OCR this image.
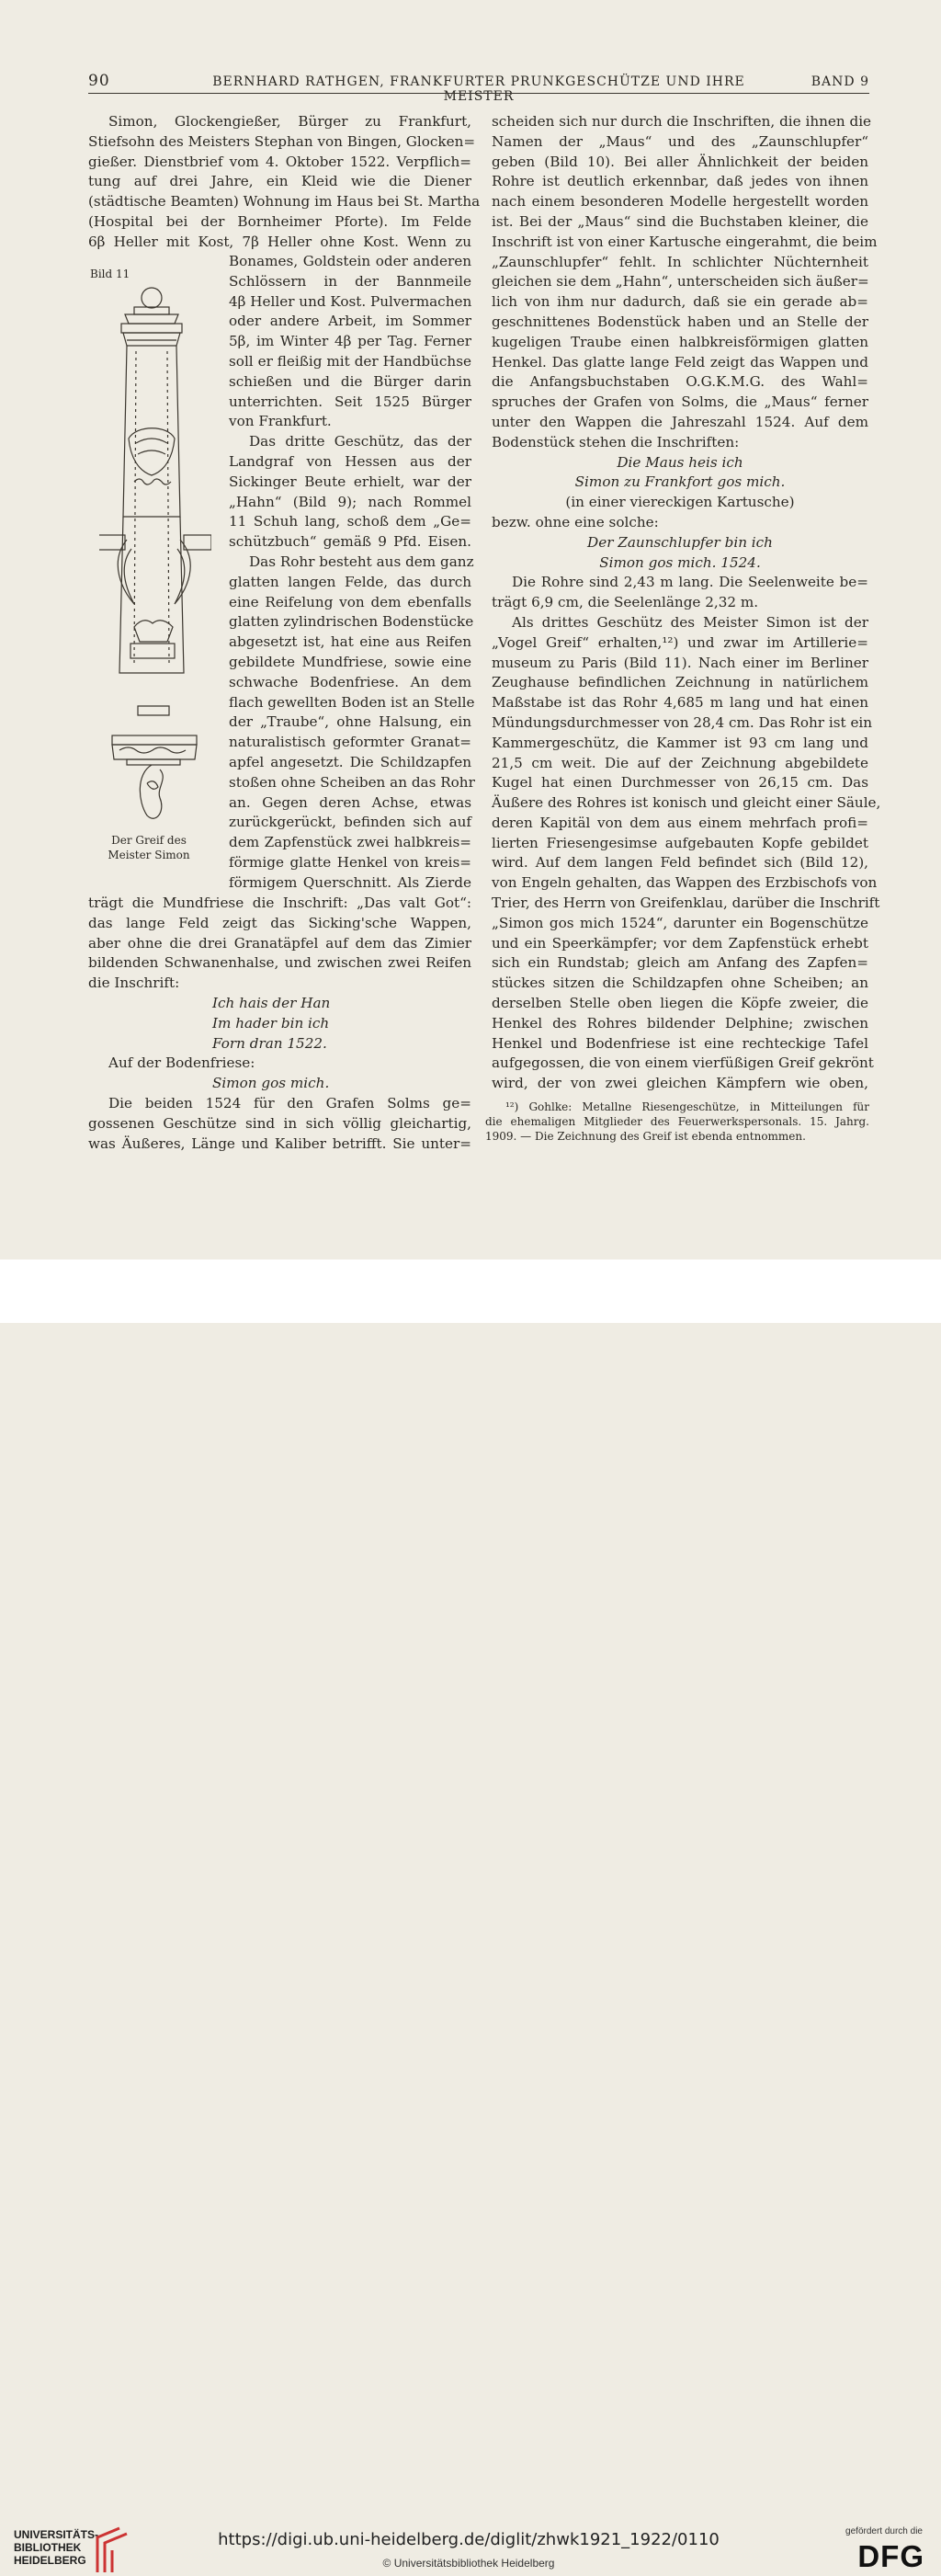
90	BERNHARD RATHGEN, FRANKFURTER PRUNKGESCHÜTZE UND IHRE MEISTER
BAND 9
Simon, Glockengießer, Bürger zu Frankfurt,
Stiefsohn des Meisters Stephan von Bingen, Glocken=
gießer. Dienstbrief vom 4. Oktober 1522. Verpflich=
tung auf drei Jahre, ein Kleid wie die Diener
(städtische Beamten) Wohnung im Haus bei St. Martha
(Hospital bei der Bornheimer Pforte). Im Felde
6β Heller mit Kost, 7β Heller ohne Kost. Wenn zu
Bild 11
Der Greif des
Meister Simon
Bonames, Goldstein oder anderen
Schlössern in der Bannmeile
4β Heller und Kost. Pulvermachen
oder andere Arbeit, im Sommer
5β, im Winter 4β per Tag. Ferner
soll er fleißig mit der Handbüchse
schießen und die Bürger darin
unterrichten. Seit 1525 Bürger
von Frankfurt.
Das dritte Geschütz, das der
Landgraf von Hessen aus der
Sickinger Beute erhielt, war der
„Hahn“ (Bild 9); nach Rommel
11 Schuh lang, schoß dem „Ge=
schützbuch“ gemäß 9 Pfd. Eisen.
Das Rohr besteht aus dem ganz
glatten langen Felde, das durch
eine Reifelung von dem ebenfalls
glatten zylindrischen Bodenstücke
abgesetzt ist, hat eine aus Reifen
gebildete Mundfriese, sowie eine
schwache Bodenfriese. An dem
flach gewellten Boden ist an Stelle
der „Traube“, ohne Halsung, ein
naturalistisch geformter Granat=
apfel angesetzt. Die Schildzapfen
stoßen ohne Scheiben an das Rohr
an. Gegen deren Achse, etwas
zurückgerückt, befinden sich auf
dem Zapfenstück zwei halbkreis=
förmige glatte Henkel von kreis=
förmigem Querschnitt. Als Zierde
trägt die Mundfriese die Inschrift: „Das valt Got“:
das lange Feld zeigt das Sicking'sche Wappen,
aber ohne die drei Granatäpfel auf dem das Zimier
bildenden Schwanenhalse, und zwischen zwei Reifen
die Inschrift:
Ich hais der Han
Im hader bin ich
Forn dran 1522.
Auf der Bodenfriese:
Simon gos mich.
Die beiden 1524 für den Grafen Solms ge=
gossenen Geschütze sind in sich völlig gleichartig,
was Äußeres, Länge und Kaliber betrifft. Sie unter=
scheiden sich nur durch die Inschriften, die ihnen die
Namen der „Maus“ und des „Zaunschlupfer“
geben (Bild 10). Bei aller Ähnlichkeit der beiden
Rohre ist deutlich erkennbar, daß jedes von ihnen
nach einem besonderen Modelle hergestellt worden
ist. Bei der „Maus“ sind die Buchstaben kleiner, die
Inschrift ist von einer Kartusche eingerahmt, die beim
„Zaunschlupfer“ fehlt. In schlichter Nüchternheit
gleichen sie dem „Hahn“, unterscheiden sich äußer=
lich von ihm nur dadurch, daß sie ein gerade ab=
geschnittenes Bodenstück haben und an Stelle der
kugeligen Traube einen halbkreisförmigen glatten
Henkel. Das glatte lange Feld zeigt das Wappen und
die Anfangsbuchstaben O.G.K.M.G. des Wahl=
spruches der Grafen von Solms, die „Maus“ ferner
unter den Wappen die Jahreszahl 1524. Auf dem
Bodenstück stehen die Inschriften:
Die Maus heis ich
Simon zu Frankfort gos mich.
(in einer viereckigen Kartusche)
bezw. ohne eine solche:
Der Zaunschlupfer bin ich
Simon gos mich. 1524.
Die Rohre sind 2,43 m lang. Die Seelenweite be=
trägt 6,9 cm, die Seelenlänge 2,32 m.
Als drittes Geschütz des Meister Simon ist der
„Vogel Greif“ erhalten,¹²) und zwar im Artillerie=
museum zu Paris (Bild 11). Nach einer im Berliner
Zeughause befindlichen Zeichnung in natürlichem
Maßstabe ist das Rohr 4,685 m lang und hat einen
Mündungsdurchmesser von 28,4 cm. Das Rohr ist ein
Kammergeschütz, die Kammer ist 93 cm lang und
21,5 cm weit. Die auf der Zeichnung abgebildete
Kugel hat einen Durchmesser von 26,15 cm. Das
Äußere des Rohres ist konisch und gleicht einer Säule,
deren Kapitäl von dem aus einem mehrfach profi=
lierten Friesengesimse aufgebauten Kopfe gebildet
wird. Auf dem langen Feld befindet sich (Bild 12),
von Engeln gehalten, das Wappen des Erzbischofs von
Trier, des Herrn von Greifenklau, darüber die Inschrift
„Simon gos mich 1524“, darunter ein Bogenschütze
und ein Speerkämpfer; vor dem Zapfenstück erhebt
sich ein Rundstab; gleich am Anfang des Zapfen=
stückes sitzen die Schildzapfen ohne Scheiben; an
derselben Stelle oben liegen die Köpfe zweier, die
Henkel des Rohres bildender Delphine; zwischen
Henkel und Bodenfriese ist eine rechteckige Tafel
aufgegossen, die von einem vierfüßigen Greif gekrönt
wird, der von zwei gleichen Kämpfern wie oben,
¹²) Gohlke: Metallne Riesengeschütze, in Mitteilungen für
die ehemaligen Mitglieder des Feuerwerkspersonals. 15. Jahrg.
1909. — Die Zeichnung des Greif ist ebenda entnommen.
UNIVERSITÄTS-
BIBLIOTHEK
HEIDELBERG
https://digi.ub.uni-heidelberg.de/diglit/zhwk1921_1922/0110
© Universitätsbibliothek Heidelberg
gefördert durch die
DFG
